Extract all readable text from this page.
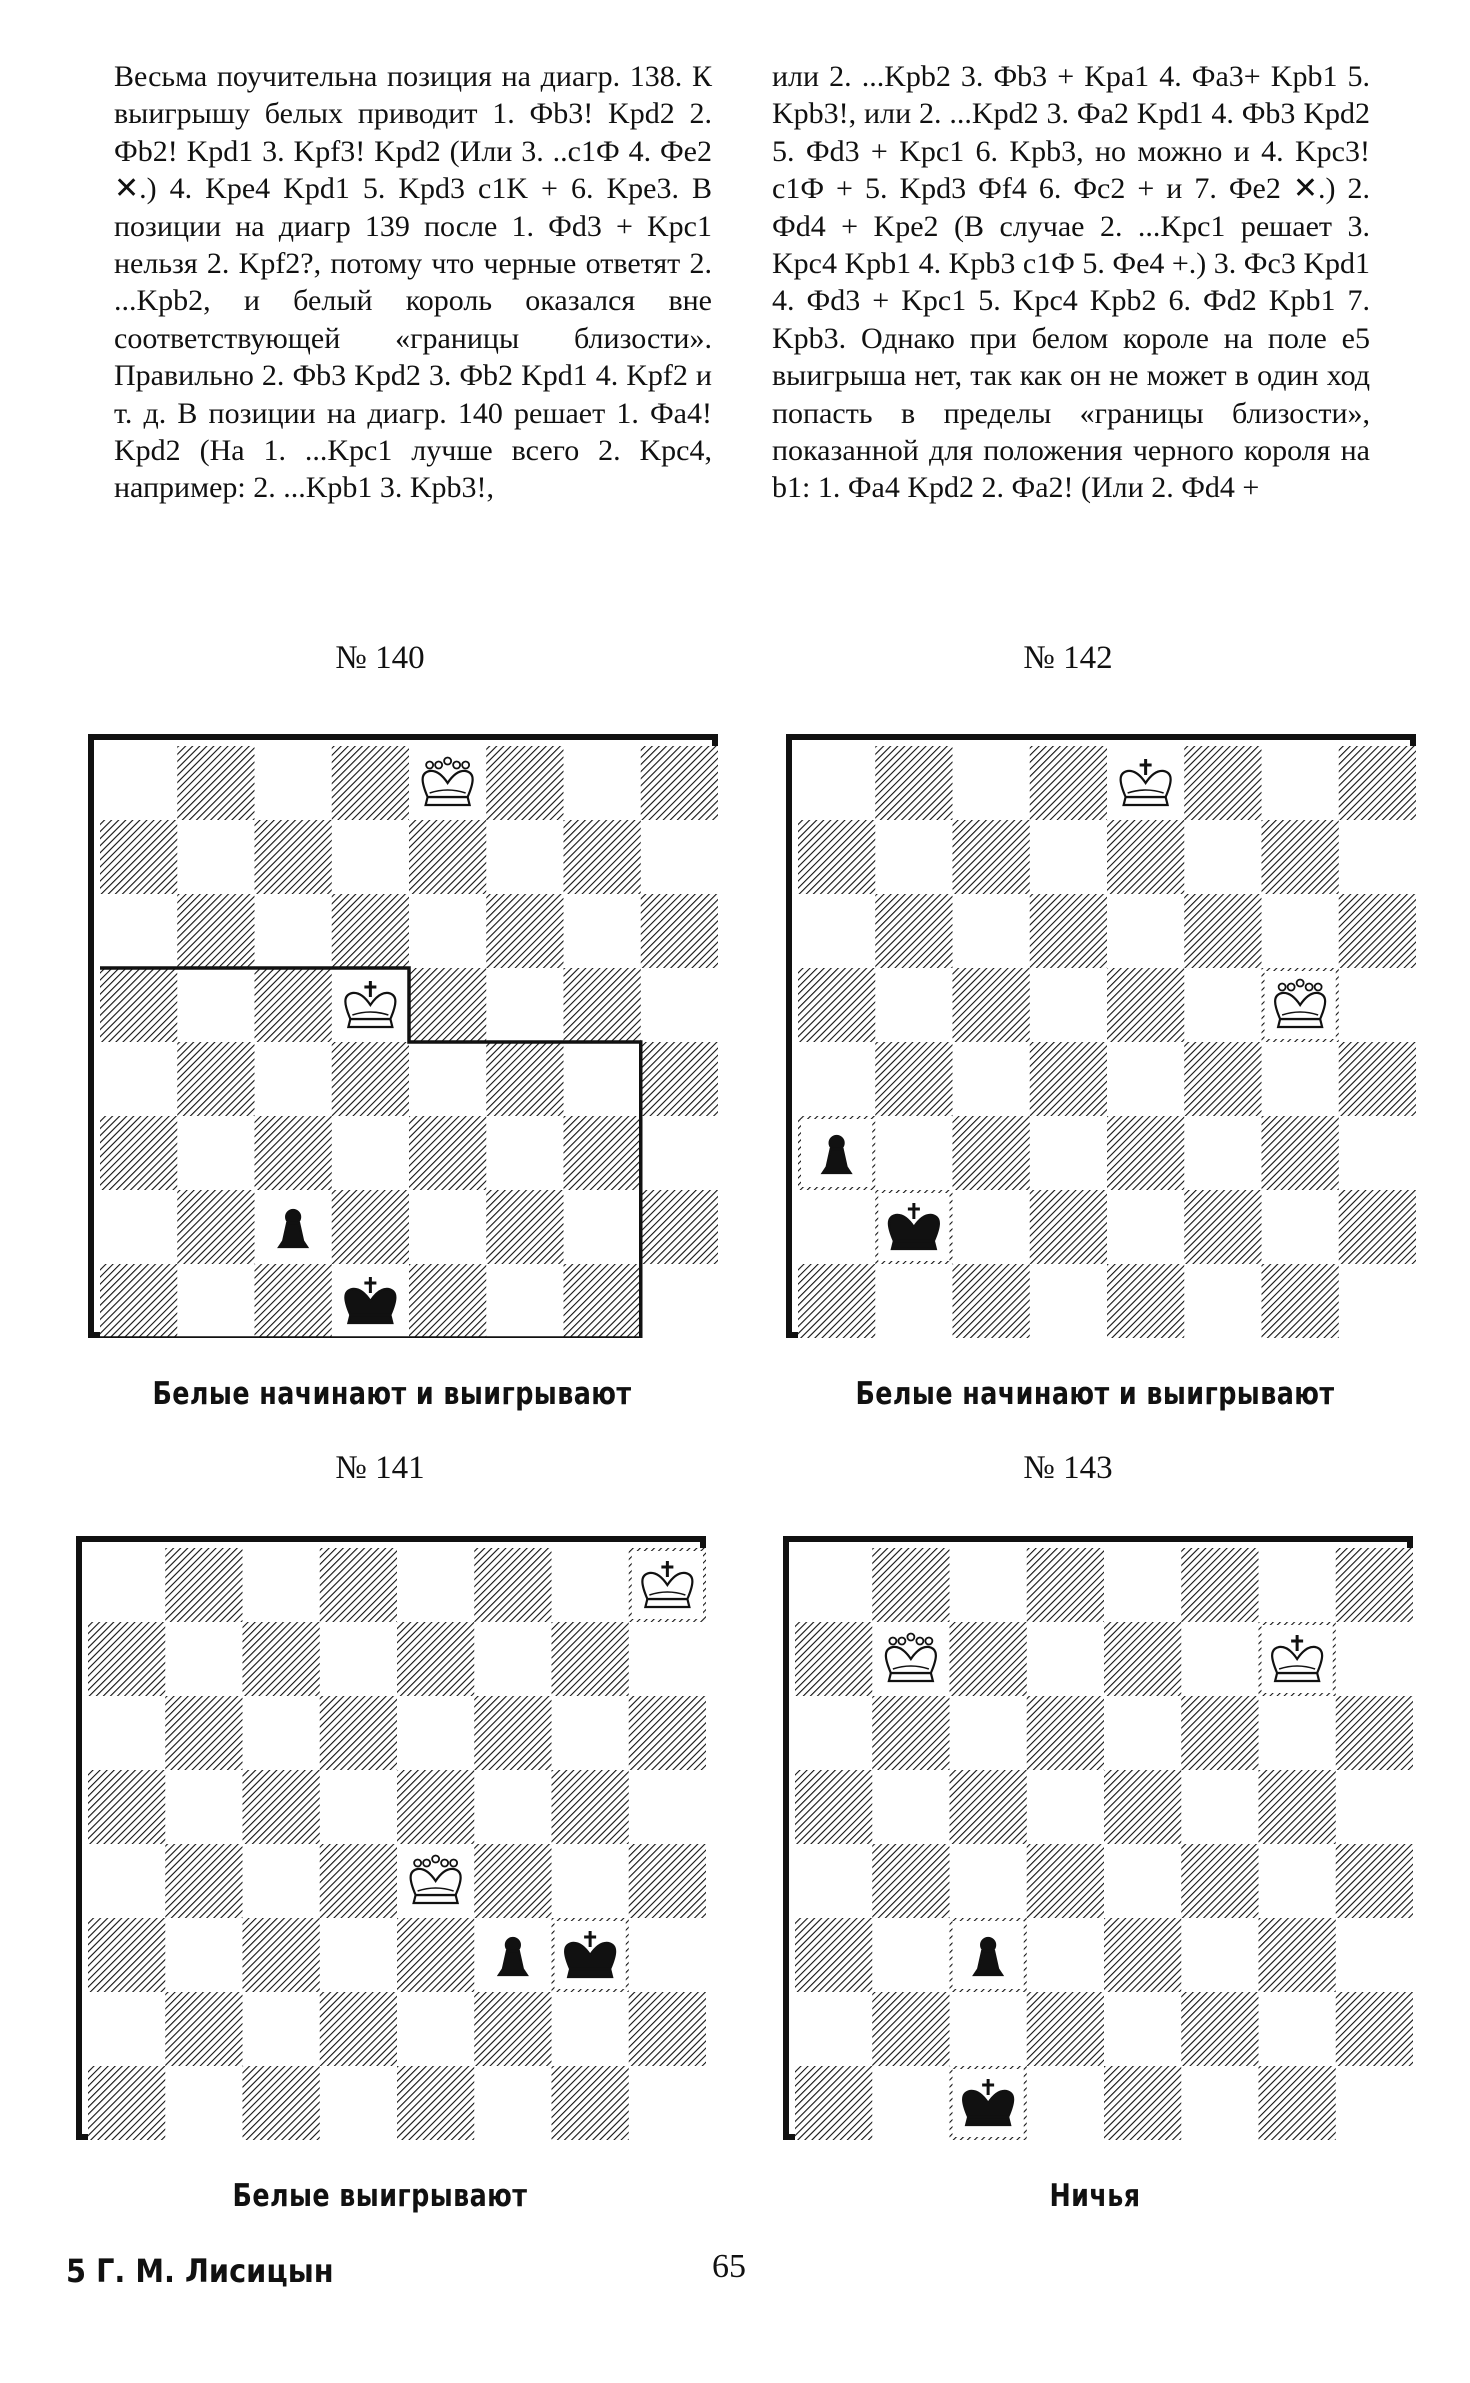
Весьма поучительна позиция на диагр. 138. К выигрышу белых приводит 1. Фb3! Kpd2 2. Фb2! Kpd1 3. Kpf3! Kpd2 (Или 3. ..c1Ф 4. Фe2 ✕.) 4. Kpe4 Kpd1 5. Kpd3 c1K + 6. Kpe3. В позиции на диагр 139 после 1. Фd3 + Kpc1 нельзя 2. Kpf2?, потому что черные ответят 2. ...Kpb2, и белый король оказался вне соответствующей «границы близости». Правильно 2. Фb3 Kpd2 3. Фb2 Kpd1 4. Kpf2 и т. д. В позиции на диагр. 140 решает 1. Фa4! Kpd2 (На 1. ...Kpc1 лучше всего 2. Kpc4, например: 2. ...Kpb1 3. Kpb3!,

или 2. ...Kpb2 3. Фb3 + Kpa1 4. Фa3+ Kpb1 5. Kpb3!, или 2. ...Kpd2 3. Фa2 Kpd1 4. Фb3 Kpd2 5. Фd3 + Kpc1 6. Kpb3, но можно и 4. Kpc3! c1Ф + 5. Kpd3 Фf4 6. Фc2 + и 7. Фe2 ✕.) 2. Фd4 + Kpe2 (В случае 2. ...Kpc1 решает 3. Kpc4 Kpb1 4. Kpb3 c1Ф 5. Фe4 +.) 3. Фc3 Kpd1 4. Фd3 + Kpc1 5. Kpc4 Kpb2 6. Фd2 Kpb1 7. Kpb3. Однако при белом короле на поле e5 выигрыша нет, так как он не может в один ход попасть в пределы «границы близости», показанной для положения черного короля на b1: 1. Фa4 Kpd2 2. Фa2! (Или 2. Фd4 +

№ 140
Белые начинают и выигрывают
№ 142
Белые начинают и выигрывают
№ 141
Белые выигрывают
№ 143
Ничья
5 Г. М. Лисицын	65
